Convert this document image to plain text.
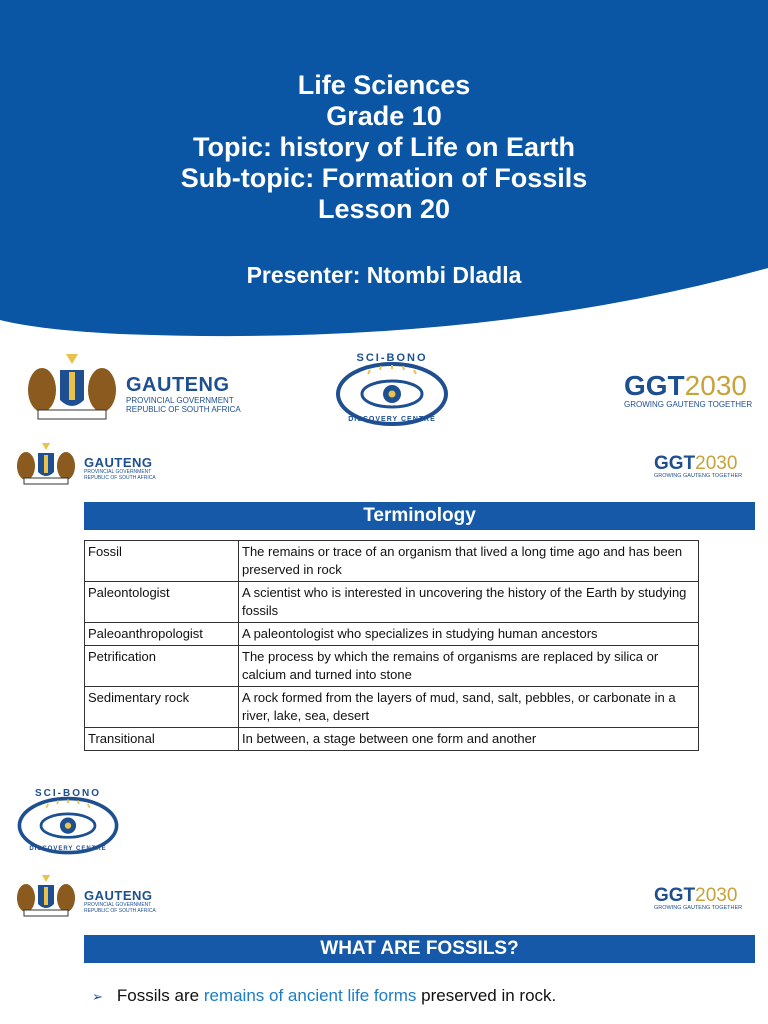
Life Sciences
Grade 10
Topic: history of Life on Earth
Sub-topic: Formation of Fossils
Lesson 20
Presenter: Ntombi Dladla
GAUTENG
PROVINCIAL GOVERNMENT
REPUBLIC OF SOUTH AFRICA
SCI-BONO
DISCOVERY CENTRE
GGT2030
GROWING GAUTENG TOGETHER
GAUTENG
PROVINCIAL GOVERNMENT
REPUBLIC OF SOUTH AFRICA
GGT2030
GROWING GAUTENG TOGETHER
Terminology
Fossil	The remains or trace of an organism that lived a long time ago and has been preserved in rock
Paleontologist	A scientist who is interested in uncovering the history of the Earth by studying fossils
Paleoanthropologist	A paleontologist who specializes in studying human ancestors
Petrification	The process by which the remains of organisms are replaced by silica or calcium and turned into stone
Sedimentary rock	A rock formed from the layers of mud, sand, salt, pebbles, or carbonate in a river, lake, sea, desert
Transitional	In between, a stage between one form and another
SCI-BONO
DISCOVERY CENTRE
GAUTENG
PROVINCIAL GOVERNMENT
REPUBLIC OF SOUTH AFRICA
GGT2030
GROWING GAUTENG TOGETHER
WHAT ARE FOSSILS?
➢ Fossils are remains of ancient life forms preserved in rock.
